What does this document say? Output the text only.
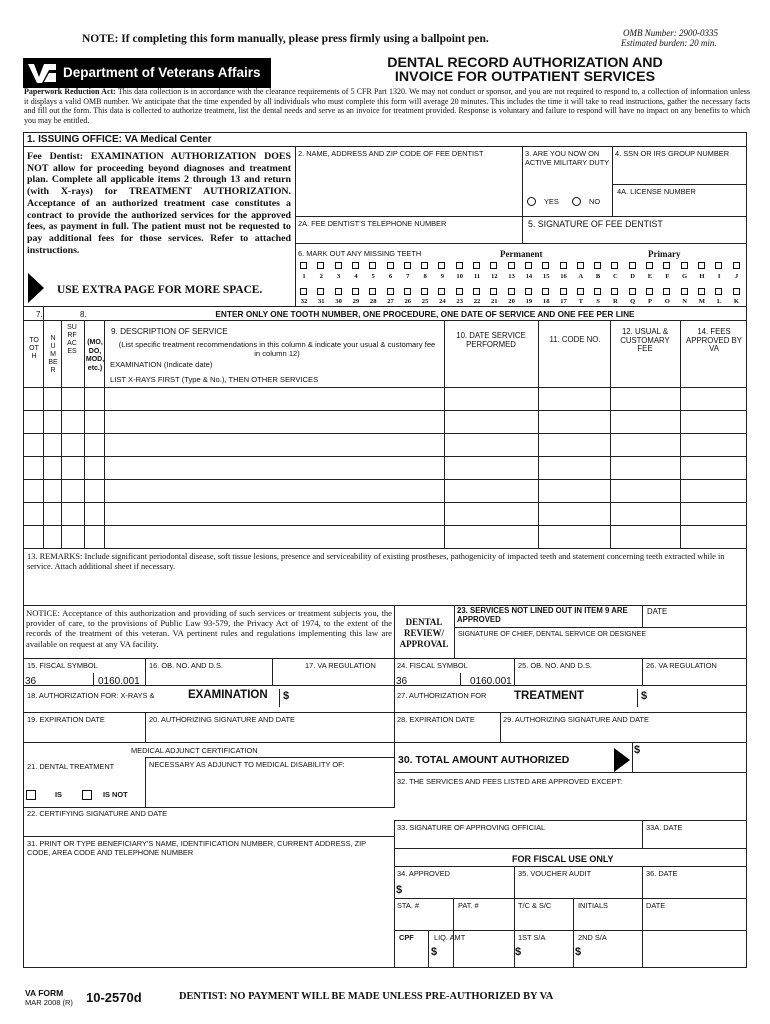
NOTE: If completing this form manually, please press firmly using a ballpoint pen.	OMB Number: 2900-0335
Estimated burden: 20 min.
Department of Veterans Affairs
DENTAL RECORD AUTHORIZATION AND
INVOICE FOR OUTPATIENT SERVICES
Paperwork Reduction Act: This data collection is in accordance with the clearance requirements of 5 CFR Part 1320. We may not conduct or sponsor, and you are not required to respond to, a collection of information unless it displays a valid OMB number. We anticipate that the time expended by all individuals who must complete this form will average 20 minutes. This includes the time it will take to read instructions, gather the necessary facts and fill out the form. This data is collected to authorize treatment, list the dental needs and serve as an invoice for treatment provided. Response is voluntary and failure to respond will have no impact on any benefits to which you may be entitled.
1. ISSUING OFFICE: VA Medical Center
Fee Dentist: EXAMINATION AUTHORIZATION DOES NOT allow for proceeding beyond diagnoses and treatment plan. Complete all applicable items 2 through 13 and return (with X-rays) for TREATMENT AUTHORIZATION. Acceptance of an authorized treatment case constitutes a contract to provide the authorized services for the approved fees, as payment in full. The patient must not be requested to pay additional fees for those services. Refer to attached instructions.
USE EXTRA PAGE FOR MORE SPACE.
2. NAME, ADDRESS AND ZIP CODE OF FEE DENTIST	3. ARE YOU NOW ON ACTIVE MILITARY DUTY
YES	NO
4. SSN OR IRS GROUP NUMBER
4A. LICENSE NUMBER
2A. FEE DENTIST'S TELEPHONE NUMBER	5. SIGNATURE OF FEE DENTIST
6. MARK OUT ANY MISSING TEETH	Permanent	Primary
1	2	3	4	5	6	7	8	9	10	11	12	13	14	15	16	A	B	C	D	E	F	G	H	I	J
32	31	30	29	28	27	26	25	24	23	22	21	20	19	18	17	T	S	R	Q	P	O	N	M	L	K
ENTER ONLY ONE TOOTH NUMBER, ONE PROCEDURE, ONE DATE OF SERVICE AND ONE FEE PER LINE
7.	8.
TOOTH
NUMBER
SURFACES
(MO, DO, MOD, etc.)
9. DESCRIPTION OF SERVICE
(List specific treatment recommendations in this column & indicate your usual & customary fee in column 12)
EXAMINATION (Indicate date)
LIST X-RAYS FIRST (Type & No.), THEN OTHER SERVICES
10. DATE SERVICE PERFORMED
11. CODE NO.
12. USUAL & CUSTOMARY FEE
14. FEES APPROVED BY VA
13. REMARKS: Include significant periodontal disease, soft tissue lesions, presence and serviceability of existing prostheses, pathogenicity of impacted teeth and statement concerning teeth extracted while in service. Attach additional sheet if necessary.
NOTICE: Acceptance of this authorization and providing of such services or treatment subjects you, the provider of care, to the provisions of Public Law 93-579, the Privacy Act of 1974, to the extent of the records of the treatment of this veteran. VA pertinent rules and regulations implementing this law are available on request at any VA facility.
DENTAL REVIEW/ APPROVAL
23. SERVICES NOT LINED OUT IN ITEM 9 ARE APPROVED
DATE
SIGNATURE OF CHIEF, DENTAL SERVICE OR DESIGNEE
15. FISCAL SYMBOL	16. OB. NO. AND D.S.	17. VA REGULATION
36	0160.001
24. FISCAL SYMBOL	25. OB. NO. AND D.S.	26. VA REGULATION
36	0160.001
18. AUTHORIZATION FOR: X-RAYS &	EXAMINATION $	27. AUTHORIZATION FOR TREATMENT	$
19. EXPIRATION DATE	20. AUTHORIZING SIGNATURE AND DATE	28. EXPIRATION DATE	29. AUTHORIZING SIGNATURE AND DATE
MEDICAL ADJUNCT CERTIFICATION
21. DENTAL TREATMENT	NECESSARY AS ADJUNCT TO MEDICAL DISABILITY OF:
IS	IS NOT
30. TOTAL AMOUNT AUTHORIZED
$
32. THE SERVICES AND FEES LISTED ARE APPROVED EXCEPT:
22. CERTIFYING SIGNATURE AND DATE
33. SIGNATURE OF APPROVING OFFICIAL	33A. DATE
31. PRINT OR TYPE BENEFICIARY'S NAME, IDENTIFICATION NUMBER, CURRENT ADDRESS, ZIP CODE, AREA CODE AND TELEPHONE NUMBER
FOR FISCAL USE ONLY
34. APPROVED	35. VOUCHER AUDIT	36. DATE
$
STA. #	PAT. #	T/C & S/C	INITIALS	DATE
CPF	LIQ. AMT
$
1ST S/A
$
2ND S/A
$
VA FORM
MAR 2008 (R) 10-2570d	DENTIST: NO PAYMENT WILL BE MADE UNLESS PRE-AUTHORIZED BY VA
